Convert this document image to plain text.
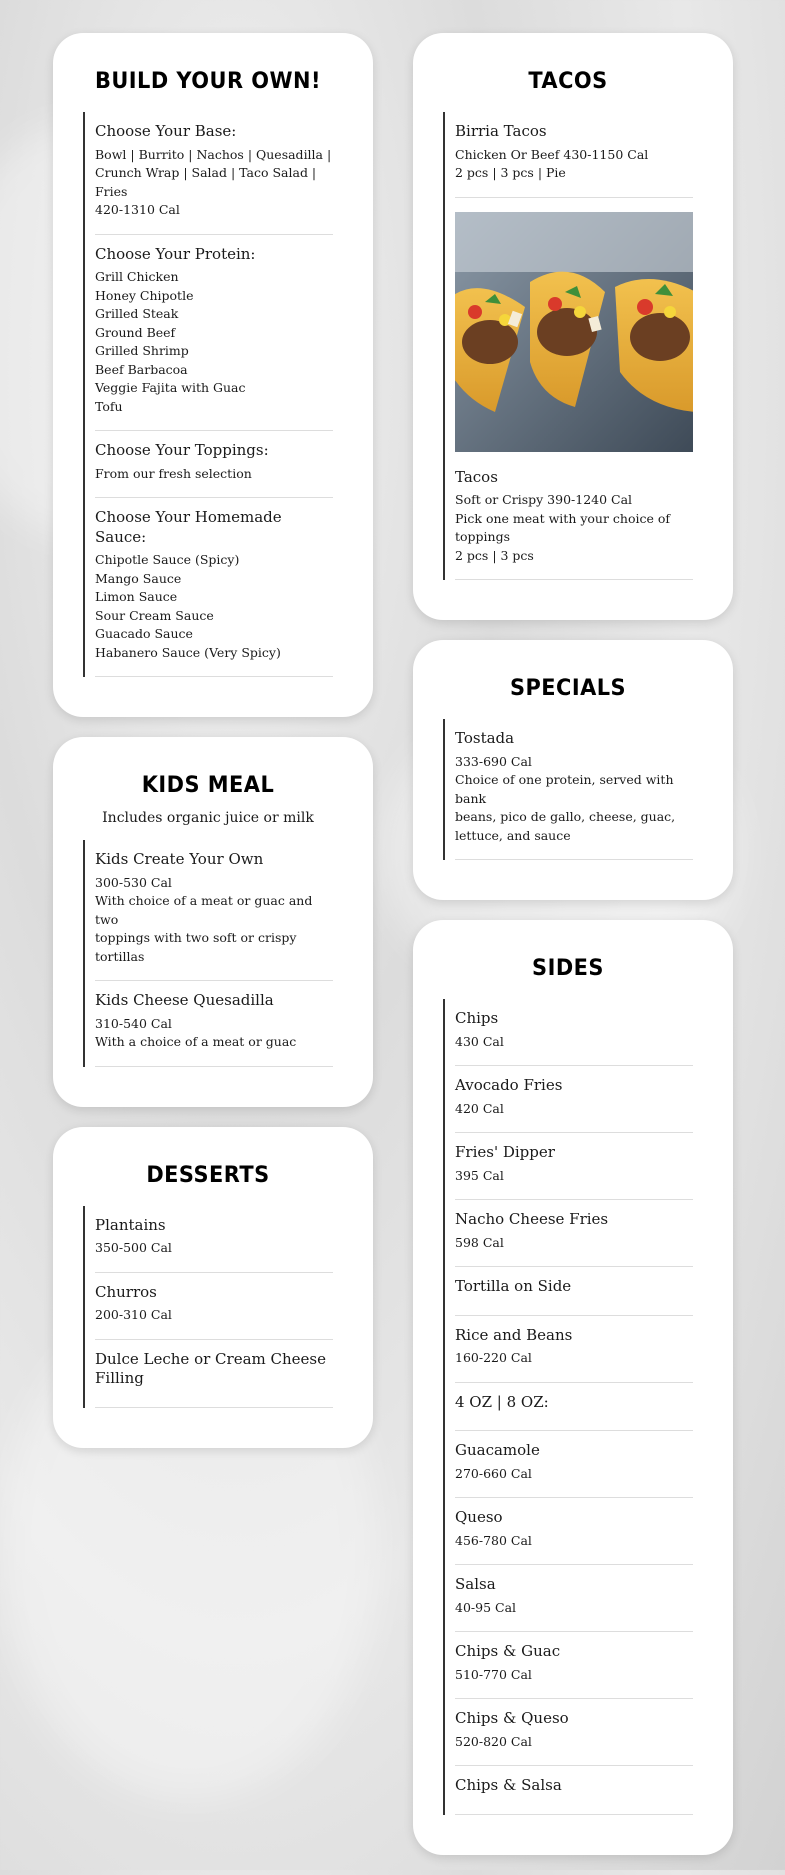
BUILD YOUR OWN!
Choose Your Base:

Bowl | Burrito | Nachos | Quesadilla |

Crunch Wrap | Salad | Taco Salad |

Fries

420-1310 Cal

Choose Your Protein:

Grill Chicken

Honey Chipotle

Grilled Steak

Ground Beef

Grilled Shrimp

Beef Barbacoa

Veggie Fajita with Guac

Tofu

Choose Your Toppings:

From our fresh selection

Choose Your Homemade Sauce:

Chipotle Sauce (Spicy)

Mango Sauce

Limon Sauce

Sour Cream Sauce

Guacado Sauce

Habanero Sauce (Very Spicy)

KIDS MEAL

Includes organic juice or milk

Kids Create Your Own

300-530 Cal

With choice of a meat or guac and two

toppings with two soft or crispy tortillas

Kids Cheese Quesadilla

310-540 Cal

With a choice of a meat or guac

DESSERTS
Plantains

350-500 Cal

Churros

200-310 Cal

Dulce Leche or Cream Cheese Filling
TACOS
Birria Tacos

Chicken Or Beef 430-1150 Cal

2 pcs | 3 pcs | Pie

Tacos

Soft or Crispy 390-1240 Cal

Pick one meat with your choice of

toppings

2 pcs | 3 pcs

SPECIALS
Tostada

333-690 Cal

Choice of one protein, served with bank

beans, pico de gallo, cheese, guac,

lettuce, and sauce

SIDES
Chips

430 Cal

Avocado Fries

420 Cal

Fries' Dipper

395 Cal

Nacho Cheese Fries

598 Cal

Tortilla on Side
Rice and Beans

160-220 Cal

4 OZ | 8 OZ:
Guacamole

270-660 Cal

Queso

456-780 Cal

Salsa

40-95 Cal

Chips & Guac

510-770 Cal

Chips & Queso

520-820 Cal

Chips & Salsa
